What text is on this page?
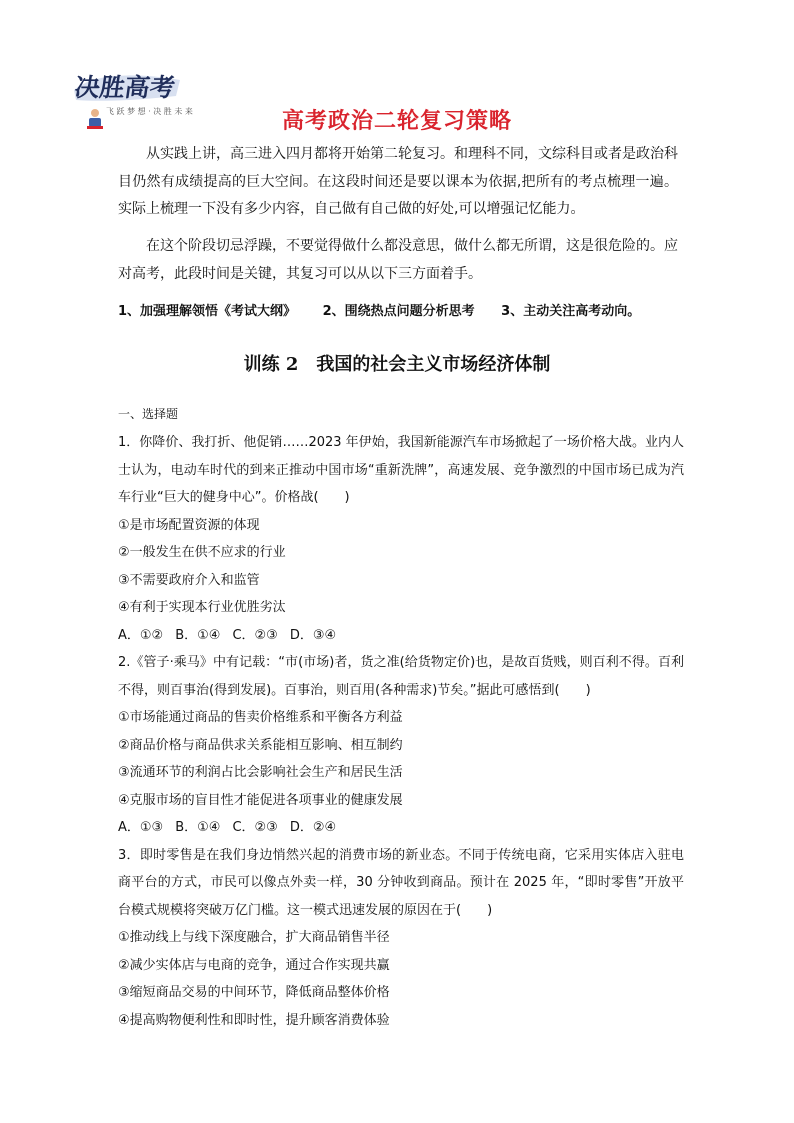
决胜高考
飞 跃 梦 想 · 决 胜 未 来	高考政治二轮复习策略
从实践上讲，高三进入四月都将开始第二轮复习。和理科不同，文综科目或者是政治科目仍然有成绩提高的巨大空间。在这段时间还是要以课本为依据,把所有的考点梳理一遍。实际上梳理一下没有多少内容，自己做有自己做的好处,可以增强记忆能力。
在这个阶段切忌浮躁，不要觉得做什么都没意思，做什么都无所谓，这是很危险的。应对高考，此段时间是关键，其复习可以从以下三方面着手。
1、加强理解领悟《考试大纲》 2、围绕热点问题分析思考 3、主动关注高考动向。
训练 2 我国的社会主义市场经济体制
一、选择题
1．你降价、我打折、他促销……2023 年伊始，我国新能源汽车市场掀起了一场价格大战。业内人士认为，电动车时代的到来正推动中国市场“重新洗牌”，高速发展、竞争激烈的中国市场已成为汽车行业“巨大的健身中心”。价格战(　　)
①是市场配置资源的体现
②一般发生在供不应求的行业
③不需要政府介入和监管
④有利于实现本行业优胜劣汰
A．①② B．①④ C．②③ D．③④
2.《管子·乘马》中有记载：“市(市场)者，货之准(给货物定价)也，是故百货贱，则百利不得。百利不得，则百事治(得到发展)。百事治，则百用(各种需求)节矣。”据此可感悟到(　　)
①市场能通过商品的售卖价格维系和平衡各方利益
②商品价格与商品供求关系能相互影响、相互制约
③流通环节的利润占比会影响社会生产和居民生活
④克服市场的盲目性才能促进各项事业的健康发展
A．①③ B．①④ C．②③ D．②④
3．即时零售是在我们身边悄然兴起的消费市场的新业态。不同于传统电商，它采用实体店入驻电商平台的方式，市民可以像点外卖一样，30 分钟收到商品。预计在 2025 年，“即时零售”开放平台模式规模将突破万亿门槛。这一模式迅速发展的原因在于(　　)
①推动线上与线下深度融合，扩大商品销售半径
②减少实体店与电商的竞争，通过合作实现共赢
③缩短商品交易的中间环节，降低商品整体价格
④提高购物便利性和即时性，提升顾客消费体验
